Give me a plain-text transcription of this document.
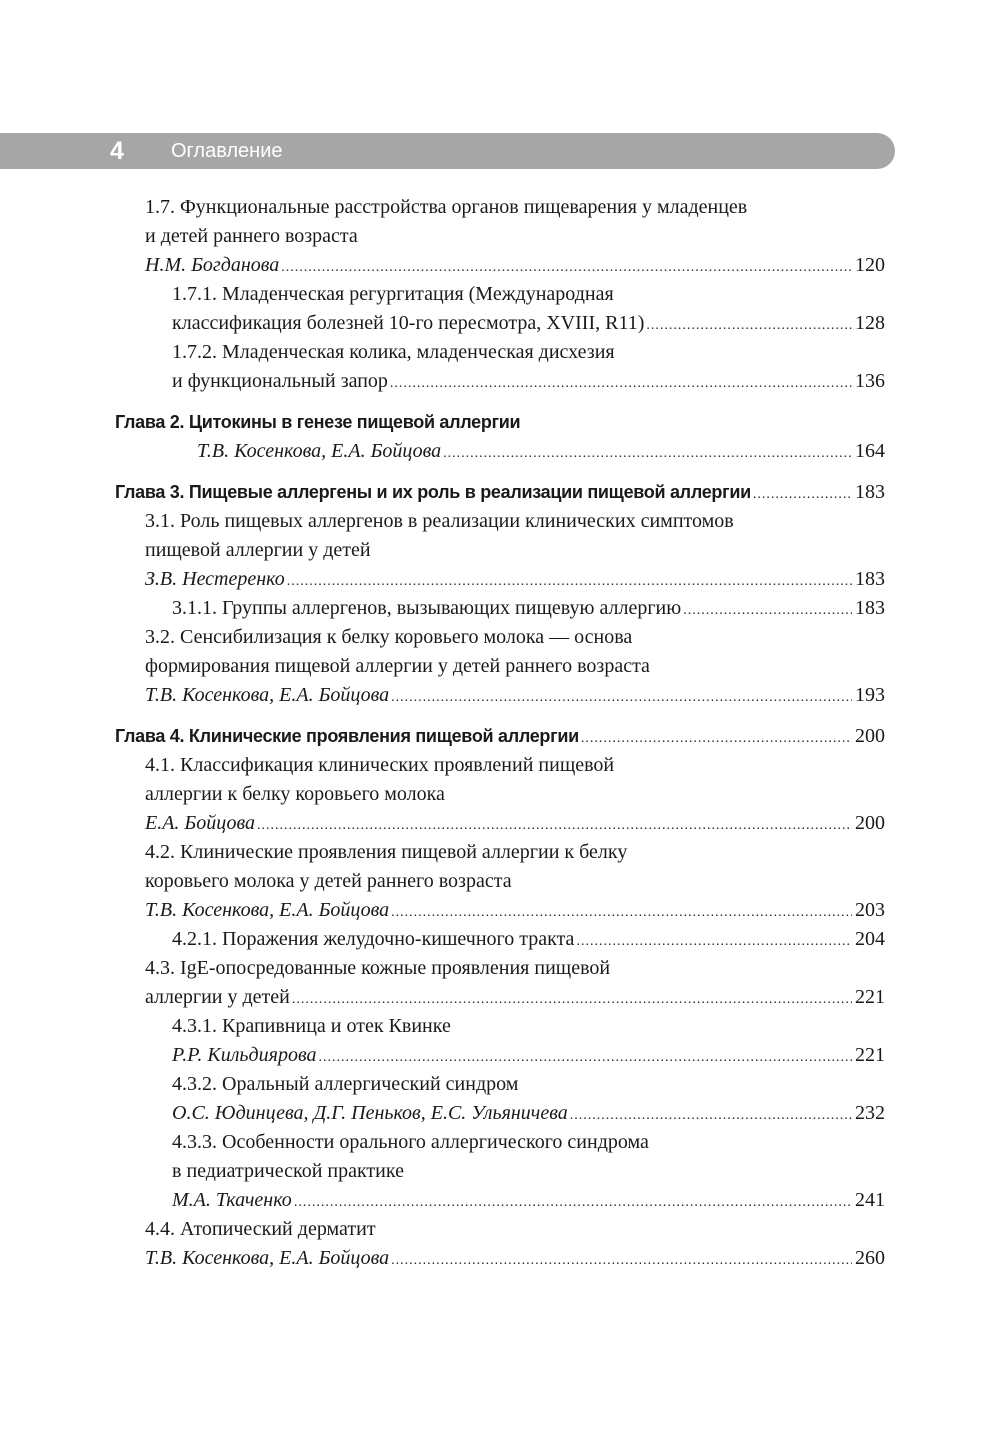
4 Оглавление
1.7. Функциональные расстройства органов пищеварения у младенцев
и детей раннего возраста
Н.М. Богданова .....	120
1.7.1. Младенческая регургитация (Международная
классификация болезней 10-го пересмотра, XVIII, R11) .....	128
1.7.2. Младенческая колика, младенческая дисхезия
и функциональный запор .....	136
Глава 2. Цитокины в генезе пищевой аллергии
Т.В. Косенкова, Е.А. Бойцова .....	164
Глава 3. Пищевые аллергены и их роль в реализации пищевой аллергии .....	183
3.1. Роль пищевых аллергенов в реализации клинических симптомов
пищевой аллергии у детей
З.В. Нестеренко .....	183
3.1.1. Группы аллергенов, вызывающих пищевую аллергию .....	183
3.2. Сенсибилизация к белку коровьего молока — основа
формирования пищевой аллергии у детей раннего возраста
Т.В. Косенкова, Е.А. Бойцова .....	193
Глава 4. Клинические проявления пищевой аллергии .....	200
4.1. Классификация клинических проявлений пищевой
аллергии к белку коровьего молока
Е.А. Бойцова .....	200
4.2. Клинические проявления пищевой аллергии к белку
коровьего молока у детей раннего возраста
Т.В. Косенкова, Е.А. Бойцова .....	203
4.2.1. Поражения желудочно-кишечного тракта .....	204
4.3. IgE-опосредованные кожные проявления пищевой
аллергии у детей .....	221
4.3.1. Крапивница и отек Квинке
Р.Р. Кильдиярова .....	221
4.3.2. Оральный аллергический синдром
О.С. Юдинцева, Д.Г. Пеньков, Е.С. Ульяничева .....	232
4.3.3. Особенности орального аллергического синдрома
в педиатрической практике
М.А. Ткаченко .....	241
4.4. Атопический дерматит
Т.В. Косенкова, Е.А. Бойцова .....	260
